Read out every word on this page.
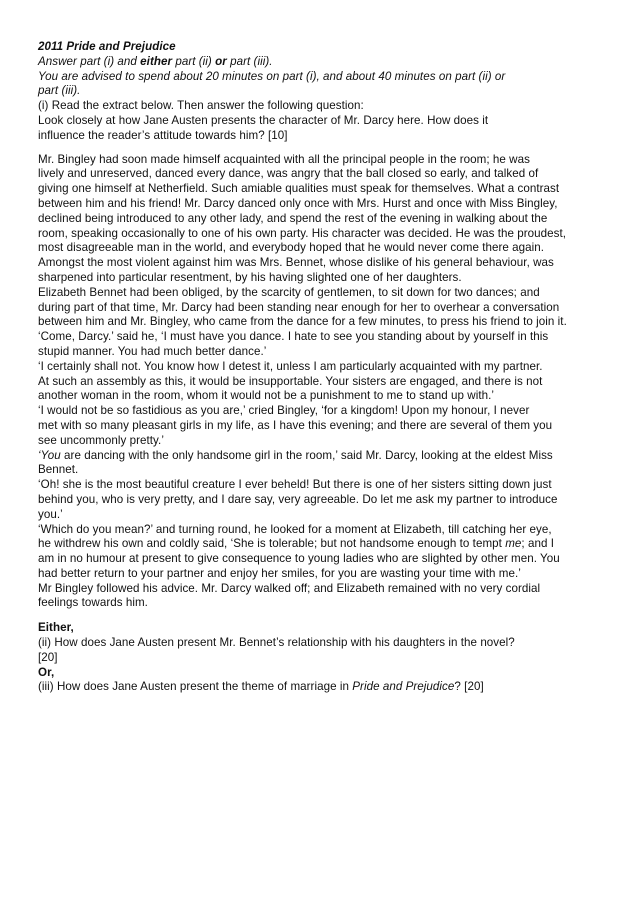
2011 Pride and Prejudice
Answer part (i) and either part (ii) or part (iii).
You are advised to spend about 20 minutes on part (i), and about 40 minutes on part (ii) or
part (iii).
(i) Read the extract below. Then answer the following question:
Look closely at how Jane Austen presents the character of Mr. Darcy here. How does it
influence the reader’s attitude towards him? [10]
Mr. Bingley had soon made himself acquainted with all the principal people in the room; he was
lively and unreserved, danced every dance, was angry that the ball closed so early, and talked of
giving one himself at Netherfield. Such amiable qualities must speak for themselves. What a contrast
between him and his friend! Mr. Darcy danced only once with Mrs. Hurst and once with Miss Bingley,
declined being introduced to any other lady, and spend the rest of the evening in walking about the
room, speaking occasionally to one of his own party. His character was decided. He was the proudest,
most disagreeable man in the world, and everybody hoped that he would never come there again.
Amongst the most violent against him was Mrs. Bennet, whose dislike of his general behaviour, was
sharpened into particular resentment, by his having slighted one of her daughters.
Elizabeth Bennet had been obliged, by the scarcity of gentlemen, to sit down for two dances; and
during part of that time, Mr. Darcy had been standing near enough for her to overhear a conversation
between him and Mr. Bingley, who came from the dance for a few minutes, to press his friend to join it.
‘Come, Darcy.’ said he, ‘I must have you dance. I hate to see you standing about by yourself in this
stupid manner. You had much better dance.’
‘I certainly shall not. You know how I detest it, unless I am particularly acquainted with my partner.
At such an assembly as this, it would be insupportable. Your sisters are engaged, and there is not
another woman in the room, whom it would not be a punishment to me to stand up with.’
‘I would not be so fastidious as you are,’ cried Bingley, ‘for a kingdom! Upon my honour, I never
met with so many pleasant girls in my life, as I have this evening; and there are several of them you
see uncommonly pretty.’
‘You are dancing with the only handsome girl in the room,’ said Mr. Darcy, looking at the eldest Miss
Bennet.
‘Oh! she is the most beautiful creature I ever beheld! But there is one of her sisters sitting down just
behind you, who is very pretty, and I dare say, very agreeable. Do let me ask my partner to introduce
you.’
‘Which do you mean?’ and turning round, he looked for a moment at Elizabeth, till catching her eye,
he withdrew his own and coldly said, ‘She is tolerable; but not handsome enough to tempt me; and I
am in no humour at present to give consequence to young ladies who are slighted by other men. You
had better return to your partner and enjoy her smiles, for you are wasting your time with me.’
Mr Bingley followed his advice. Mr. Darcy walked off; and Elizabeth remained with no very cordial
feelings towards him.
Either,
(ii) How does Jane Austen present Mr. Bennet’s relationship with his daughters in the novel?
[20]
Or,
(iii) How does Jane Austen present the theme of marriage in Pride and Prejudice? [20]
